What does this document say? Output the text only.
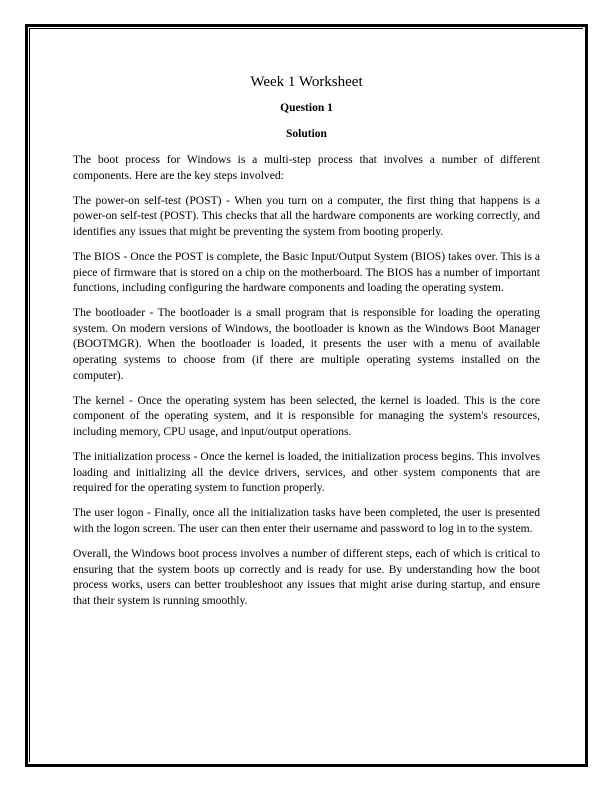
Week 1 Worksheet
Question 1
Solution

The boot process for Windows is a multi-step process that involves a number of different components. Here are the key steps involved:

The power-on self-test (POST) - When you turn on a computer, the first thing that happens is a power-on self-test (POST). This checks that all the hardware components are working correctly, and identifies any issues that might be preventing the system from booting properly.

The BIOS - Once the POST is complete, the Basic Input/Output System (BIOS) takes over. This is a piece of firmware that is stored on a chip on the motherboard. The BIOS has a number of important functions, including configuring the hardware components and loading the operating system.

The bootloader - The bootloader is a small program that is responsible for loading the operating system. On modern versions of Windows, the bootloader is known as the Windows Boot Manager (BOOTMGR). When the bootloader is loaded, it presents the user with a menu of available operating systems to choose from (if there are multiple operating systems installed on the computer).

The kernel - Once the operating system has been selected, the kernel is loaded. This is the core component of the operating system, and it is responsible for managing the system's resources, including memory, CPU usage, and input/output operations.

The initialization process - Once the kernel is loaded, the initialization process begins. This involves loading and initializing all the device drivers, services, and other system components that are required for the operating system to function properly.

The user logon - Finally, once all the initialization tasks have been completed, the user is presented with the logon screen. The user can then enter their username and password to log in to the system.

Overall, the Windows boot process involves a number of different steps, each of which is critical to ensuring that the system boots up correctly and is ready for use. By understanding how the boot process works, users can better troubleshoot any issues that might arise during startup, and ensure that their system is running smoothly.
